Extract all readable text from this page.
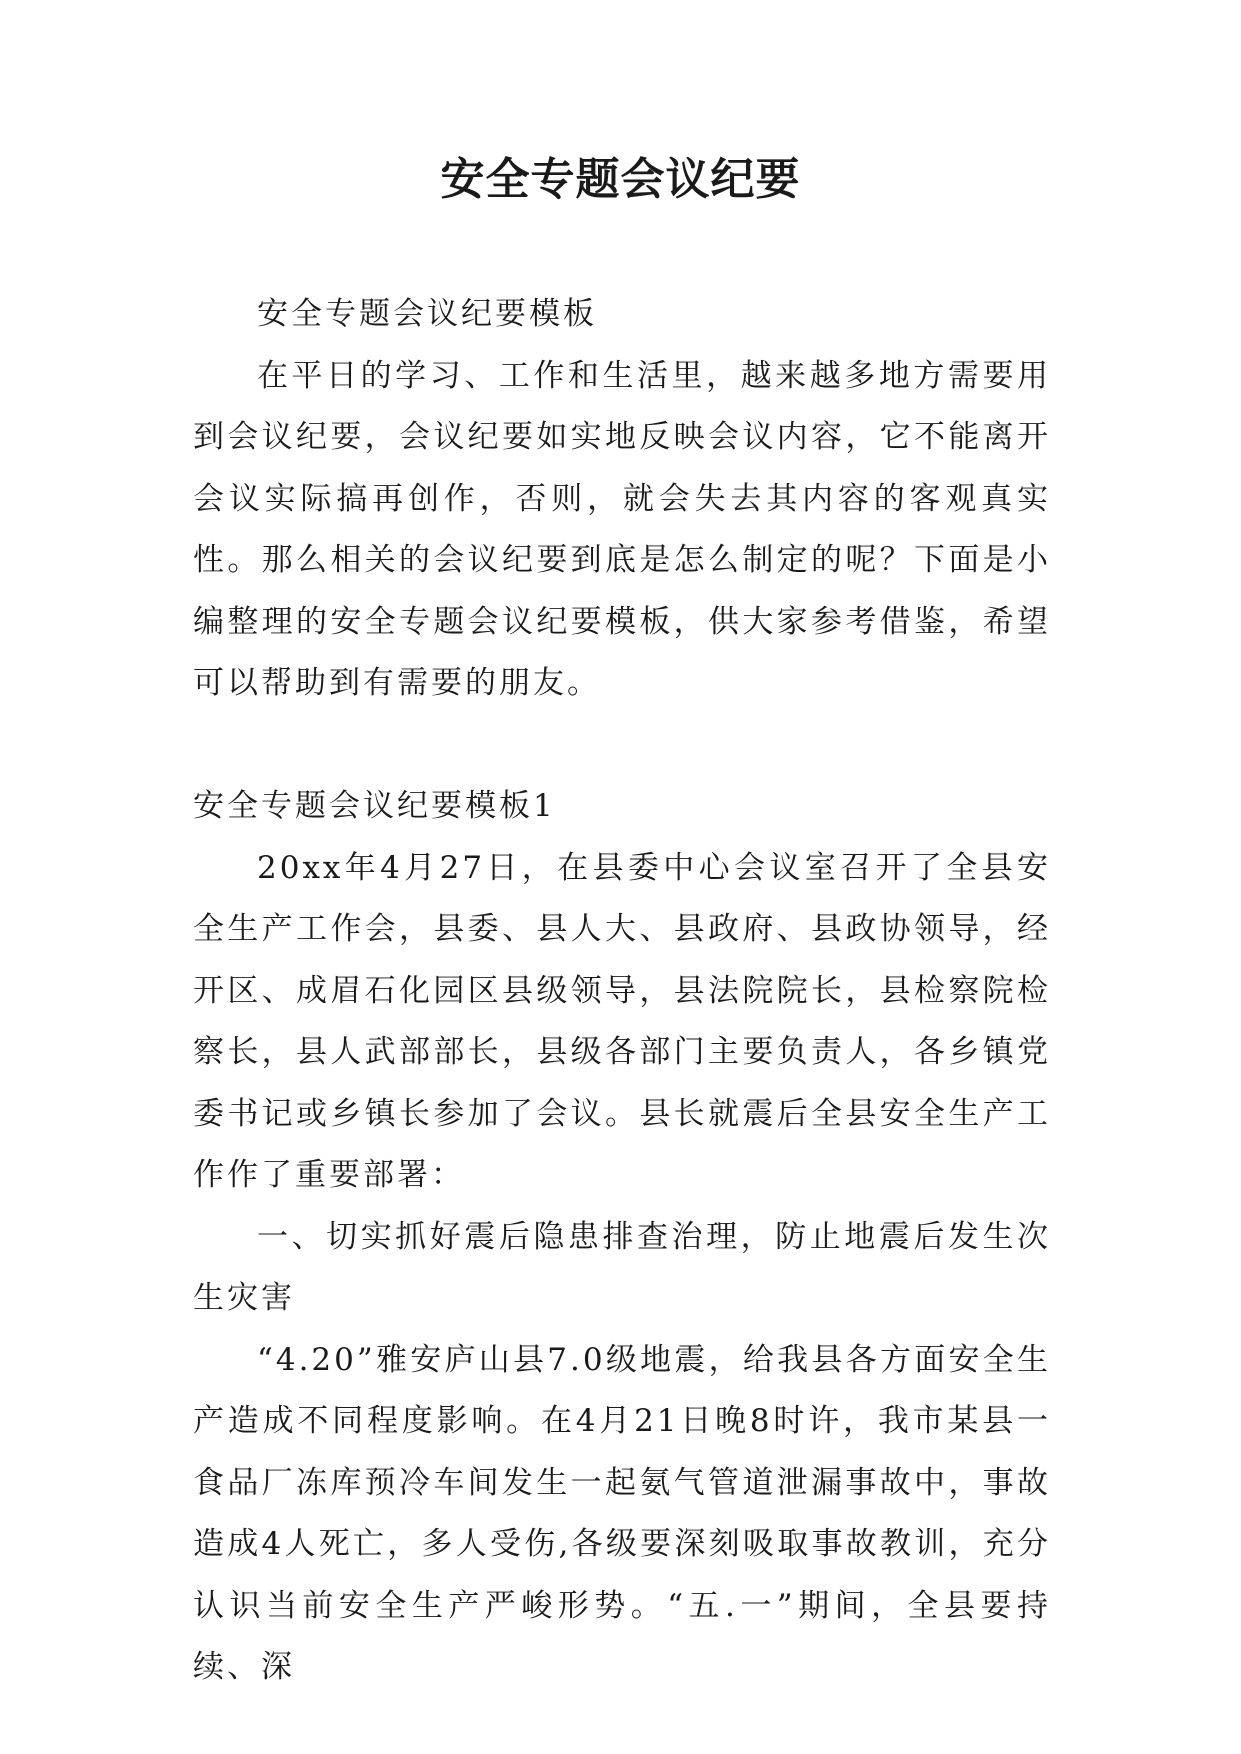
安全专题会议纪要

安全专题会议纪要模板

在平日的学习、工作和生活里，越来越多地方需要用到会议纪要，会议纪要如实地反映会议内容，它不能离开会议实际搞再创作，否则，就会失去其内容的客观真实性。那么相关的会议纪要到底是怎么制定的呢？下面是小编整理的安全专题会议纪要模板，供大家参考借鉴，希望可以帮助到有需要的朋友。

安全专题会议纪要模板1

20xx年4月27日，在县委中心会议室召开了全县安全生产工作会，县委、县人大、县政府、县政协领导，经开区、成眉石化园区县级领导，县法院院长，县检察院检察长，县人武部部长，县级各部门主要负责人，各乡镇党委书记或乡镇长参加了会议。县长就震后全县安全生产工作作了重要部署：

一、切实抓好震后隐患排查治理，防止地震后发生次生灾害

“4.20”雅安庐山县7.0级地震，给我县各方面安全生产造成不同程度影响。在4月21日晚8时许，我市某县一食品厂冻库预冷车间发生一起氨气管道泄漏事故中，事故造成4人死亡，多人受伤,各级要深刻吸取事故教训，充分认识当前安全生产严峻形势。“五.一”期间，全县要持续、深
